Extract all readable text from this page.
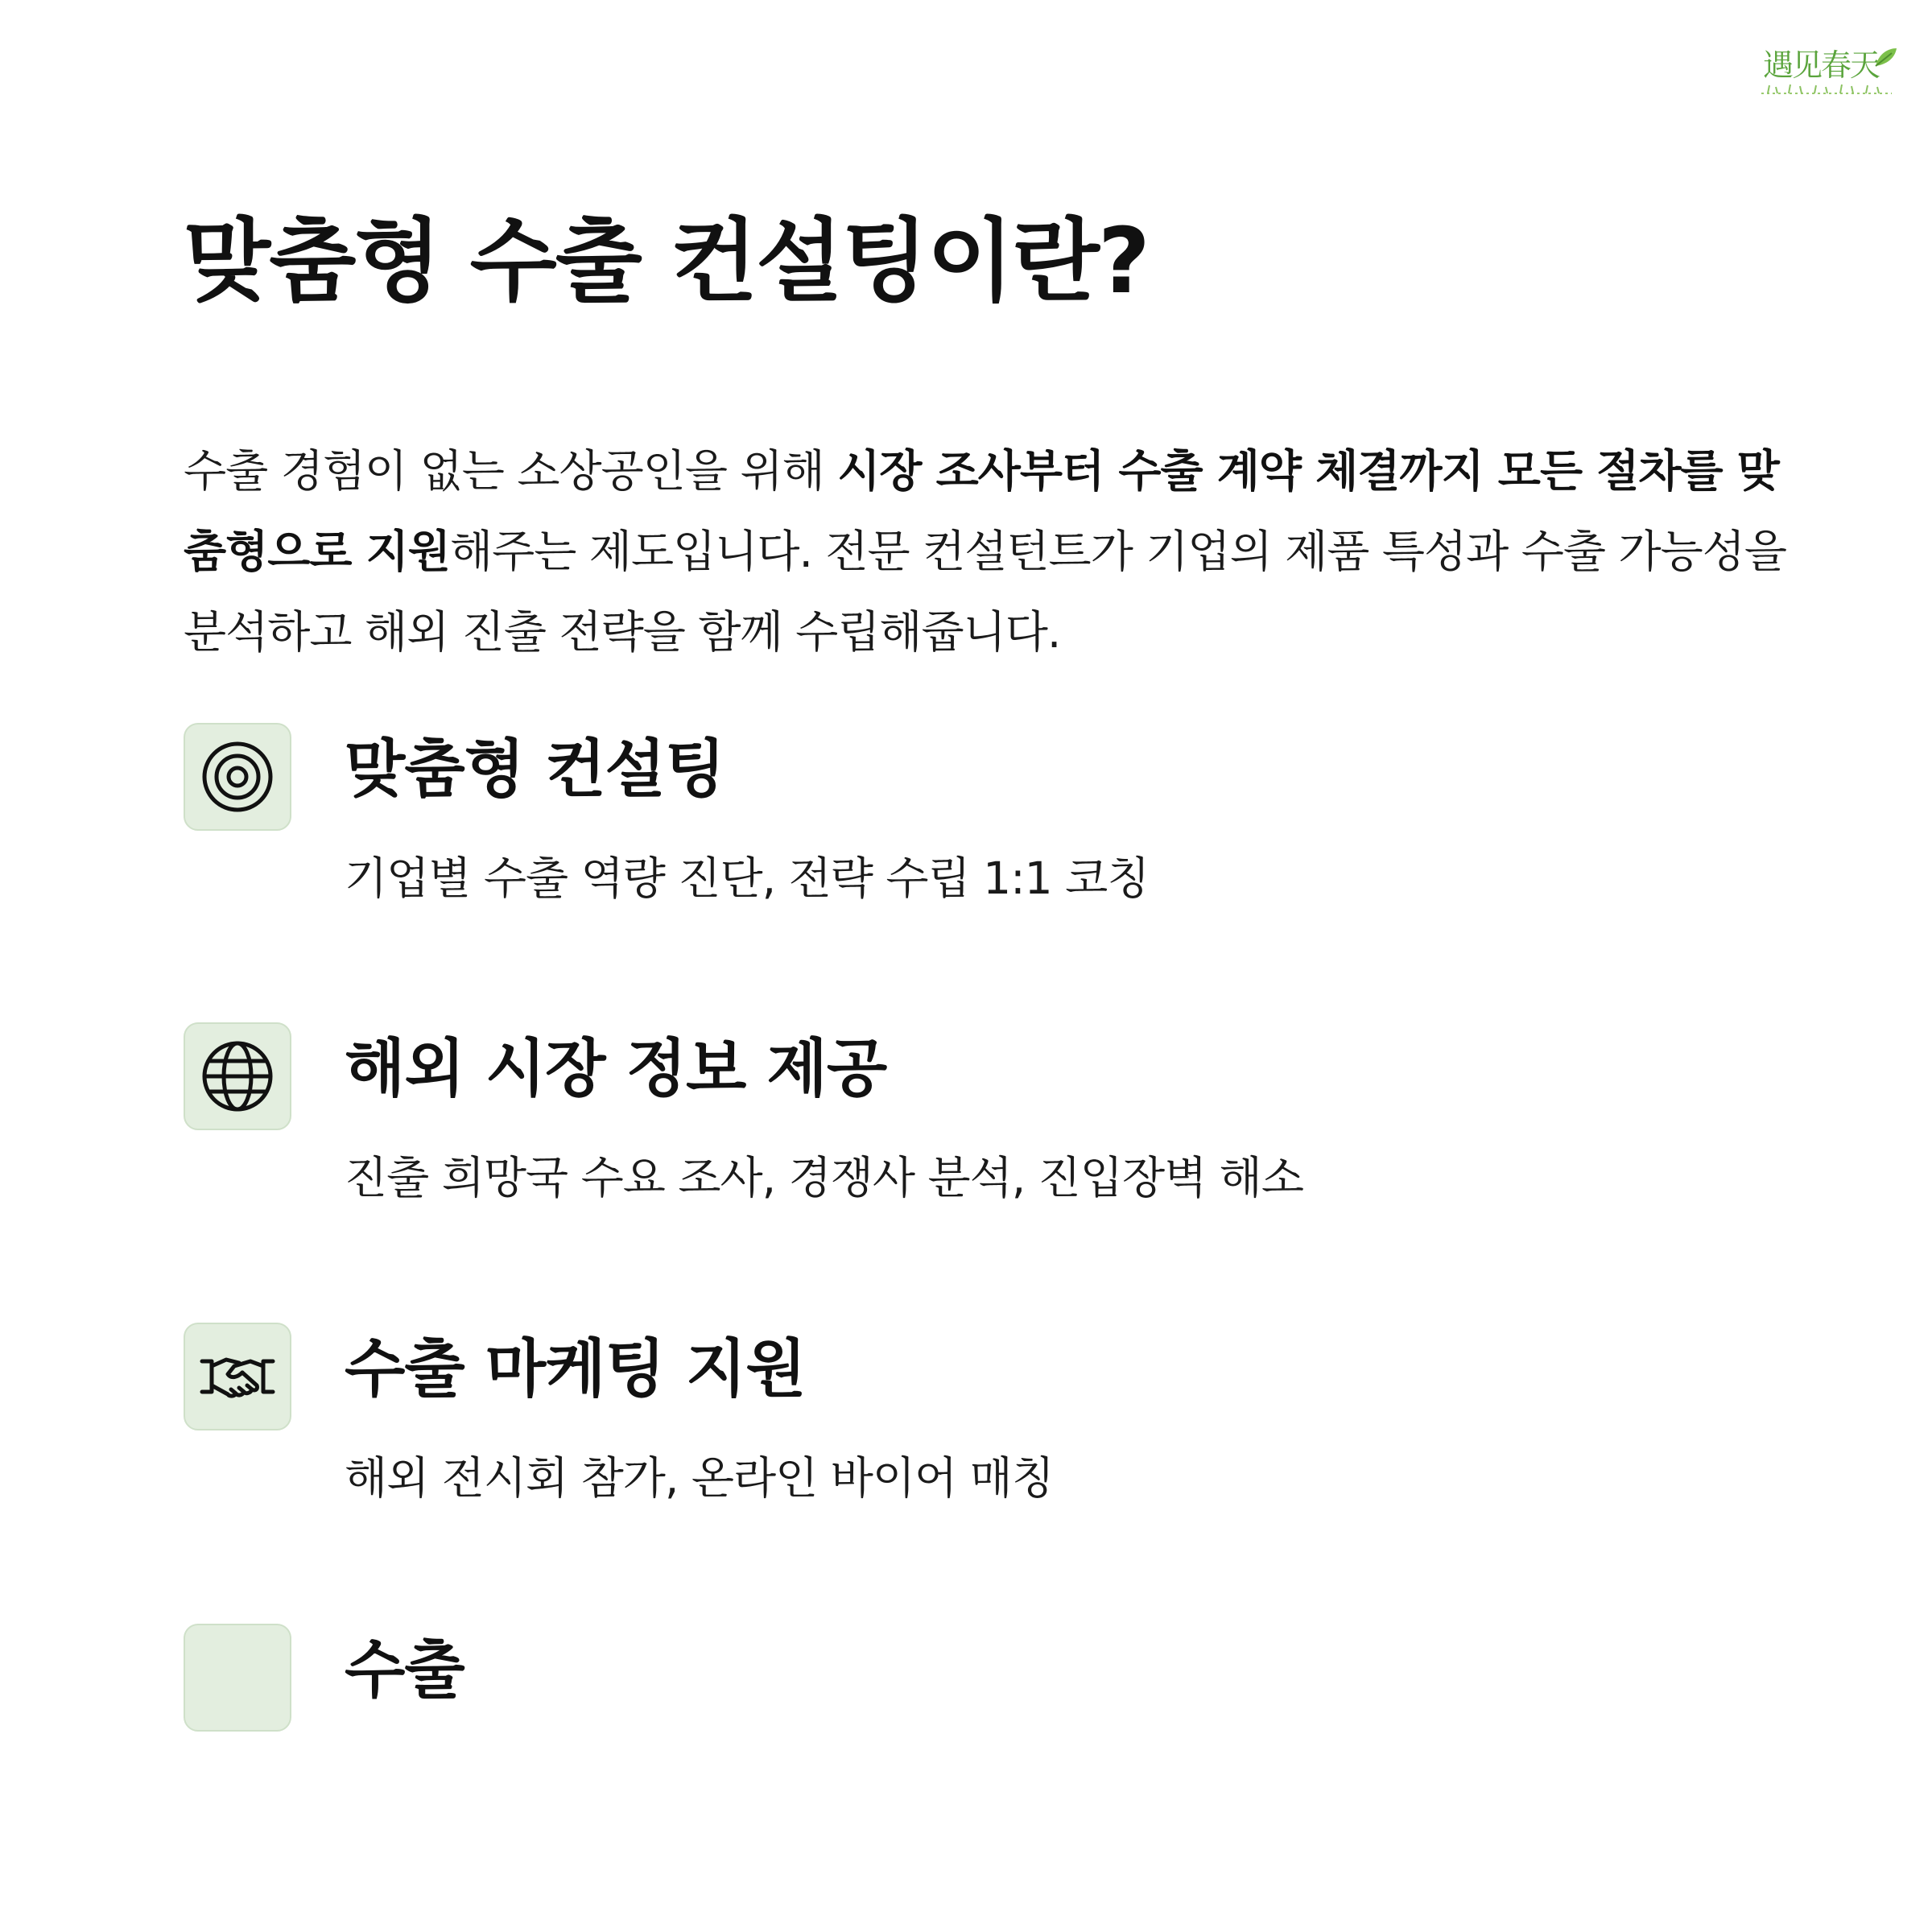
遇见春天
맞춤형 수출 컨설팅이란?

수출 경험이 없는 소상공인을 위해 시장 조사부터 수출 계약 체결까지 모든 절차를 맞춤형으로 지원해주는 제도입니다. 전문 컨설턴트가 기업의 제품 특성과 수출 가능성을 분석하고 해외 진출 전략을 함께 수립해줍니다.

맞춤형 컨설팅

기업별 수출 역량 진단, 전략 수립 1:1 코칭

해외 시장 정보 제공

진출 희망국 수요 조사, 경쟁사 분석, 진입장벽 해소

수출 마케팅 지원

해외 전시회 참가, 온라인 바이어 매칭

수출
